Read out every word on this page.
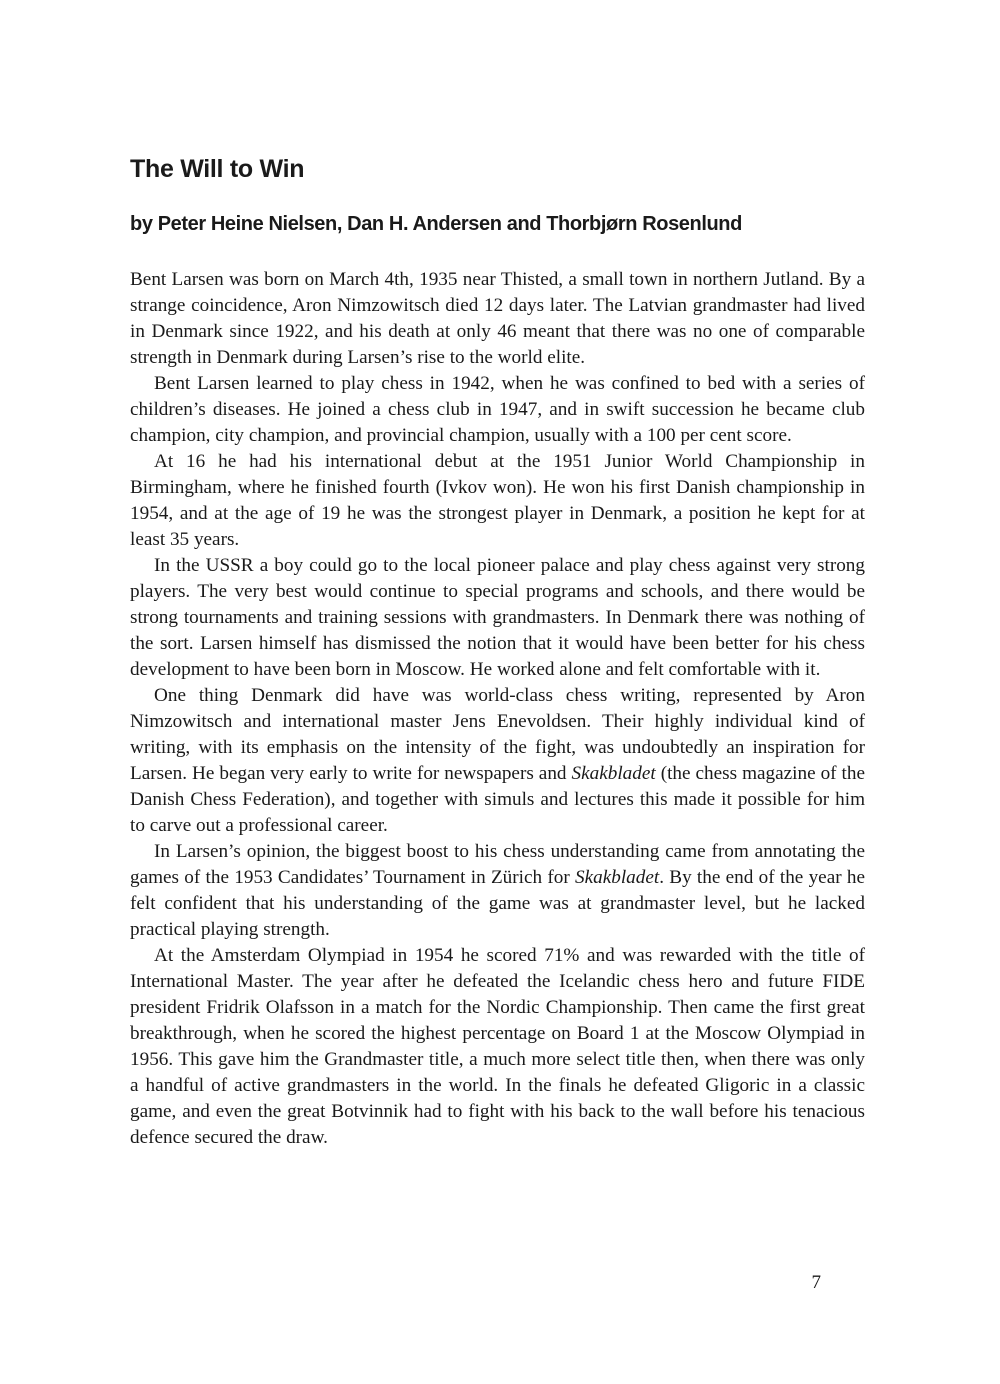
The Will to Win
by Peter Heine Nielsen, Dan H. Andersen and Thorbjørn Rosenlund

Bent Larsen was born on March 4th, 1935 near Thisted, a small town in northern Jutland. By a strange coincidence, Aron Nimzowitsch died 12 days later. The Latvian grandmaster had lived in Denmark since 1922, and his death at only 46 meant that there was no one of comparable strength in Denmark during Larsen’s rise to the world elite.

Bent Larsen learned to play chess in 1942, when he was confined to bed with a series of children’s diseases. He joined a chess club in 1947, and in swift succession he became club champion, city champion, and provincial champion, usually with a 100 per cent score.

At 16 he had his international debut at the 1951 Junior World Championship in Birmingham, where he finished fourth (Ivkov won). He won his first Danish championship in 1954, and at the age of 19 he was the strongest player in Denmark, a position he kept for at least 35 years.

In the USSR a boy could go to the local pioneer palace and play chess against very strong players. The very best would continue to special programs and schools, and there would be strong tournaments and training sessions with grandmasters. In Denmark there was nothing of the sort. Larsen himself has dismissed the notion that it would have been better for his chess development to have been born in Moscow. He worked alone and felt comfortable with it.

One thing Denmark did have was world-class chess writing, represented by Aron Nimzowitsch and international master Jens Enevoldsen. Their highly individual kind of writing, with its emphasis on the intensity of the fight, was undoubtedly an inspiration for Larsen. He began very early to write for newspapers and Skakbladet (the chess magazine of the Danish Chess Federation), and together with simuls and lectures this made it possible for him to carve out a professional career.

In Larsen’s opinion, the biggest boost to his chess understanding came from annotating the games of the 1953 Candidates’ Tournament in Zürich for Skakbladet. By the end of the year he felt confident that his understanding of the game was at grandmaster level, but he lacked practical playing strength.

At the Amsterdam Olympiad in 1954 he scored 71% and was rewarded with the title of International Master. The year after he defeated the Icelandic chess hero and future FIDE president Fridrik Olafsson in a match for the Nordic Championship. Then came the first great breakthrough, when he scored the highest percentage on Board 1 at the Moscow Olympiad in 1956. This gave him the Grandmaster title, a much more select title then, when there was only a handful of active grandmasters in the world. In the finals he defeated Gligoric in a classic game, and even the great Botvinnik had to fight with his back to the wall before his tenacious defence secured the draw.

7
